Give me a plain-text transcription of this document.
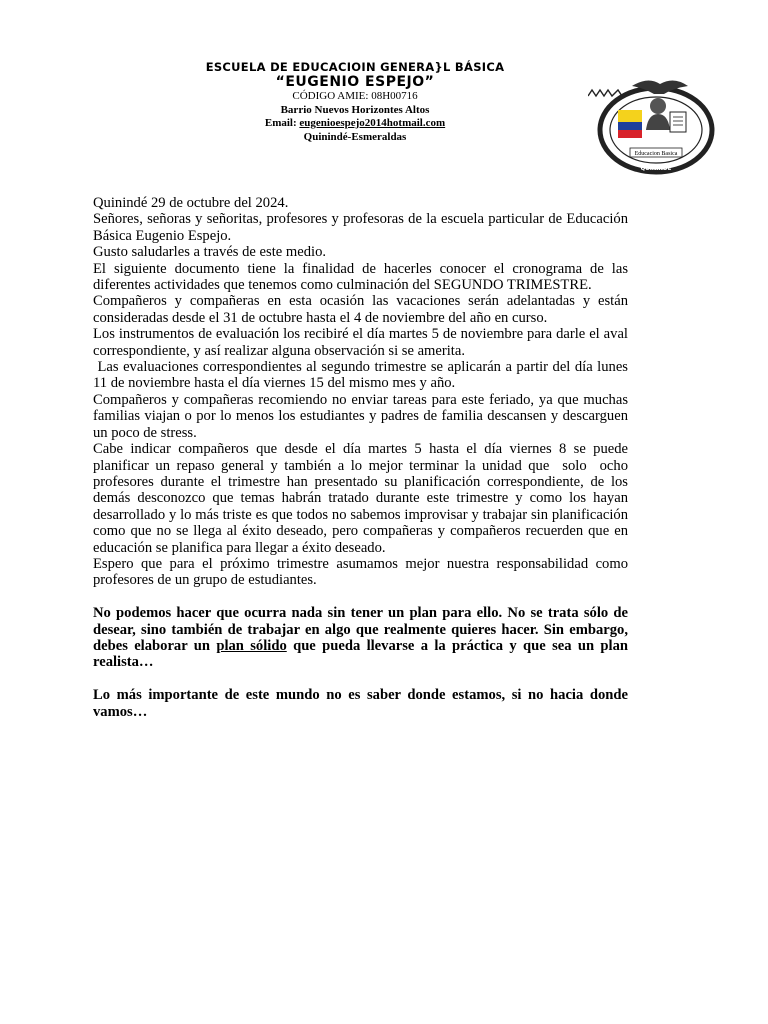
ESCUELA DE EDUCACIOIN GENERA}L BÁSICA
“EUGENIO ESPEJO”
CÓDIGO AMIE: 08H00716
Barrio Nuevos Horizontes Altos
Email: eugenioespejo2014hotmail.com
Quinindé-Esmeraldas
Educacion Basica
QUININDE

Quinindé 29 de octubre del 2024.

Señores, señoras y señoritas, profesores y profesoras de la escuela particular de Educación Básica Eugenio Espejo.

Gusto saludarles a través de este medio.

El siguiente documento tiene la finalidad de hacerles conocer el cronograma de las diferentes actividades que tenemos como culminación del SEGUNDO TRIMESTRE.

Compañeros y compañeras en esta ocasión las vacaciones serán adelantadas y están consideradas desde el 31 de octubre hasta el 4 de noviembre del año en curso.

Los instrumentos de evaluación los recibiré el día martes 5 de noviembre para darle el aval correspondiente, y así realizar alguna observación si se amerita.

Las evaluaciones correspondientes al segundo trimestre se aplicarán a partir del día lunes 11 de noviembre hasta el día viernes 15 del mismo mes y año.

Compañeros y compañeras recomiendo no enviar tareas para este feriado, ya que muchas familias viajan o por lo menos los estudiantes y padres de familia descansen y descarguen un poco de stress.

Cabe indicar compañeros que desde el día martes 5 hasta el día viernes 8 se puede planificar un repaso general y también a lo mejor terminar la unidad que  solo  ocho profesores durante el trimestre han presentado su planificación correspondiente, de los demás desconozco que temas habrán tratado durante este trimestre y como los hayan desarrollado y lo más triste es que todos no sabemos improvisar y trabajar sin planificación como que no se llega al éxito deseado, pero compañeras y compañeros recuerden que en educación se planifica para llegar a éxito deseado.

Espero que para el próximo trimestre asumamos mejor nuestra responsabilidad como profesores de un grupo de estudiantes.

No podemos hacer que ocurra nada sin tener un plan para ello. No se trata sólo de desear, sino también de trabajar en algo que realmente quieres hacer. Sin embargo, debes elaborar un plan sólido que pueda llevarse a la práctica y que sea un plan realista…

Lo más importante de este mundo no es saber donde estamos, si no hacia donde vamos…
